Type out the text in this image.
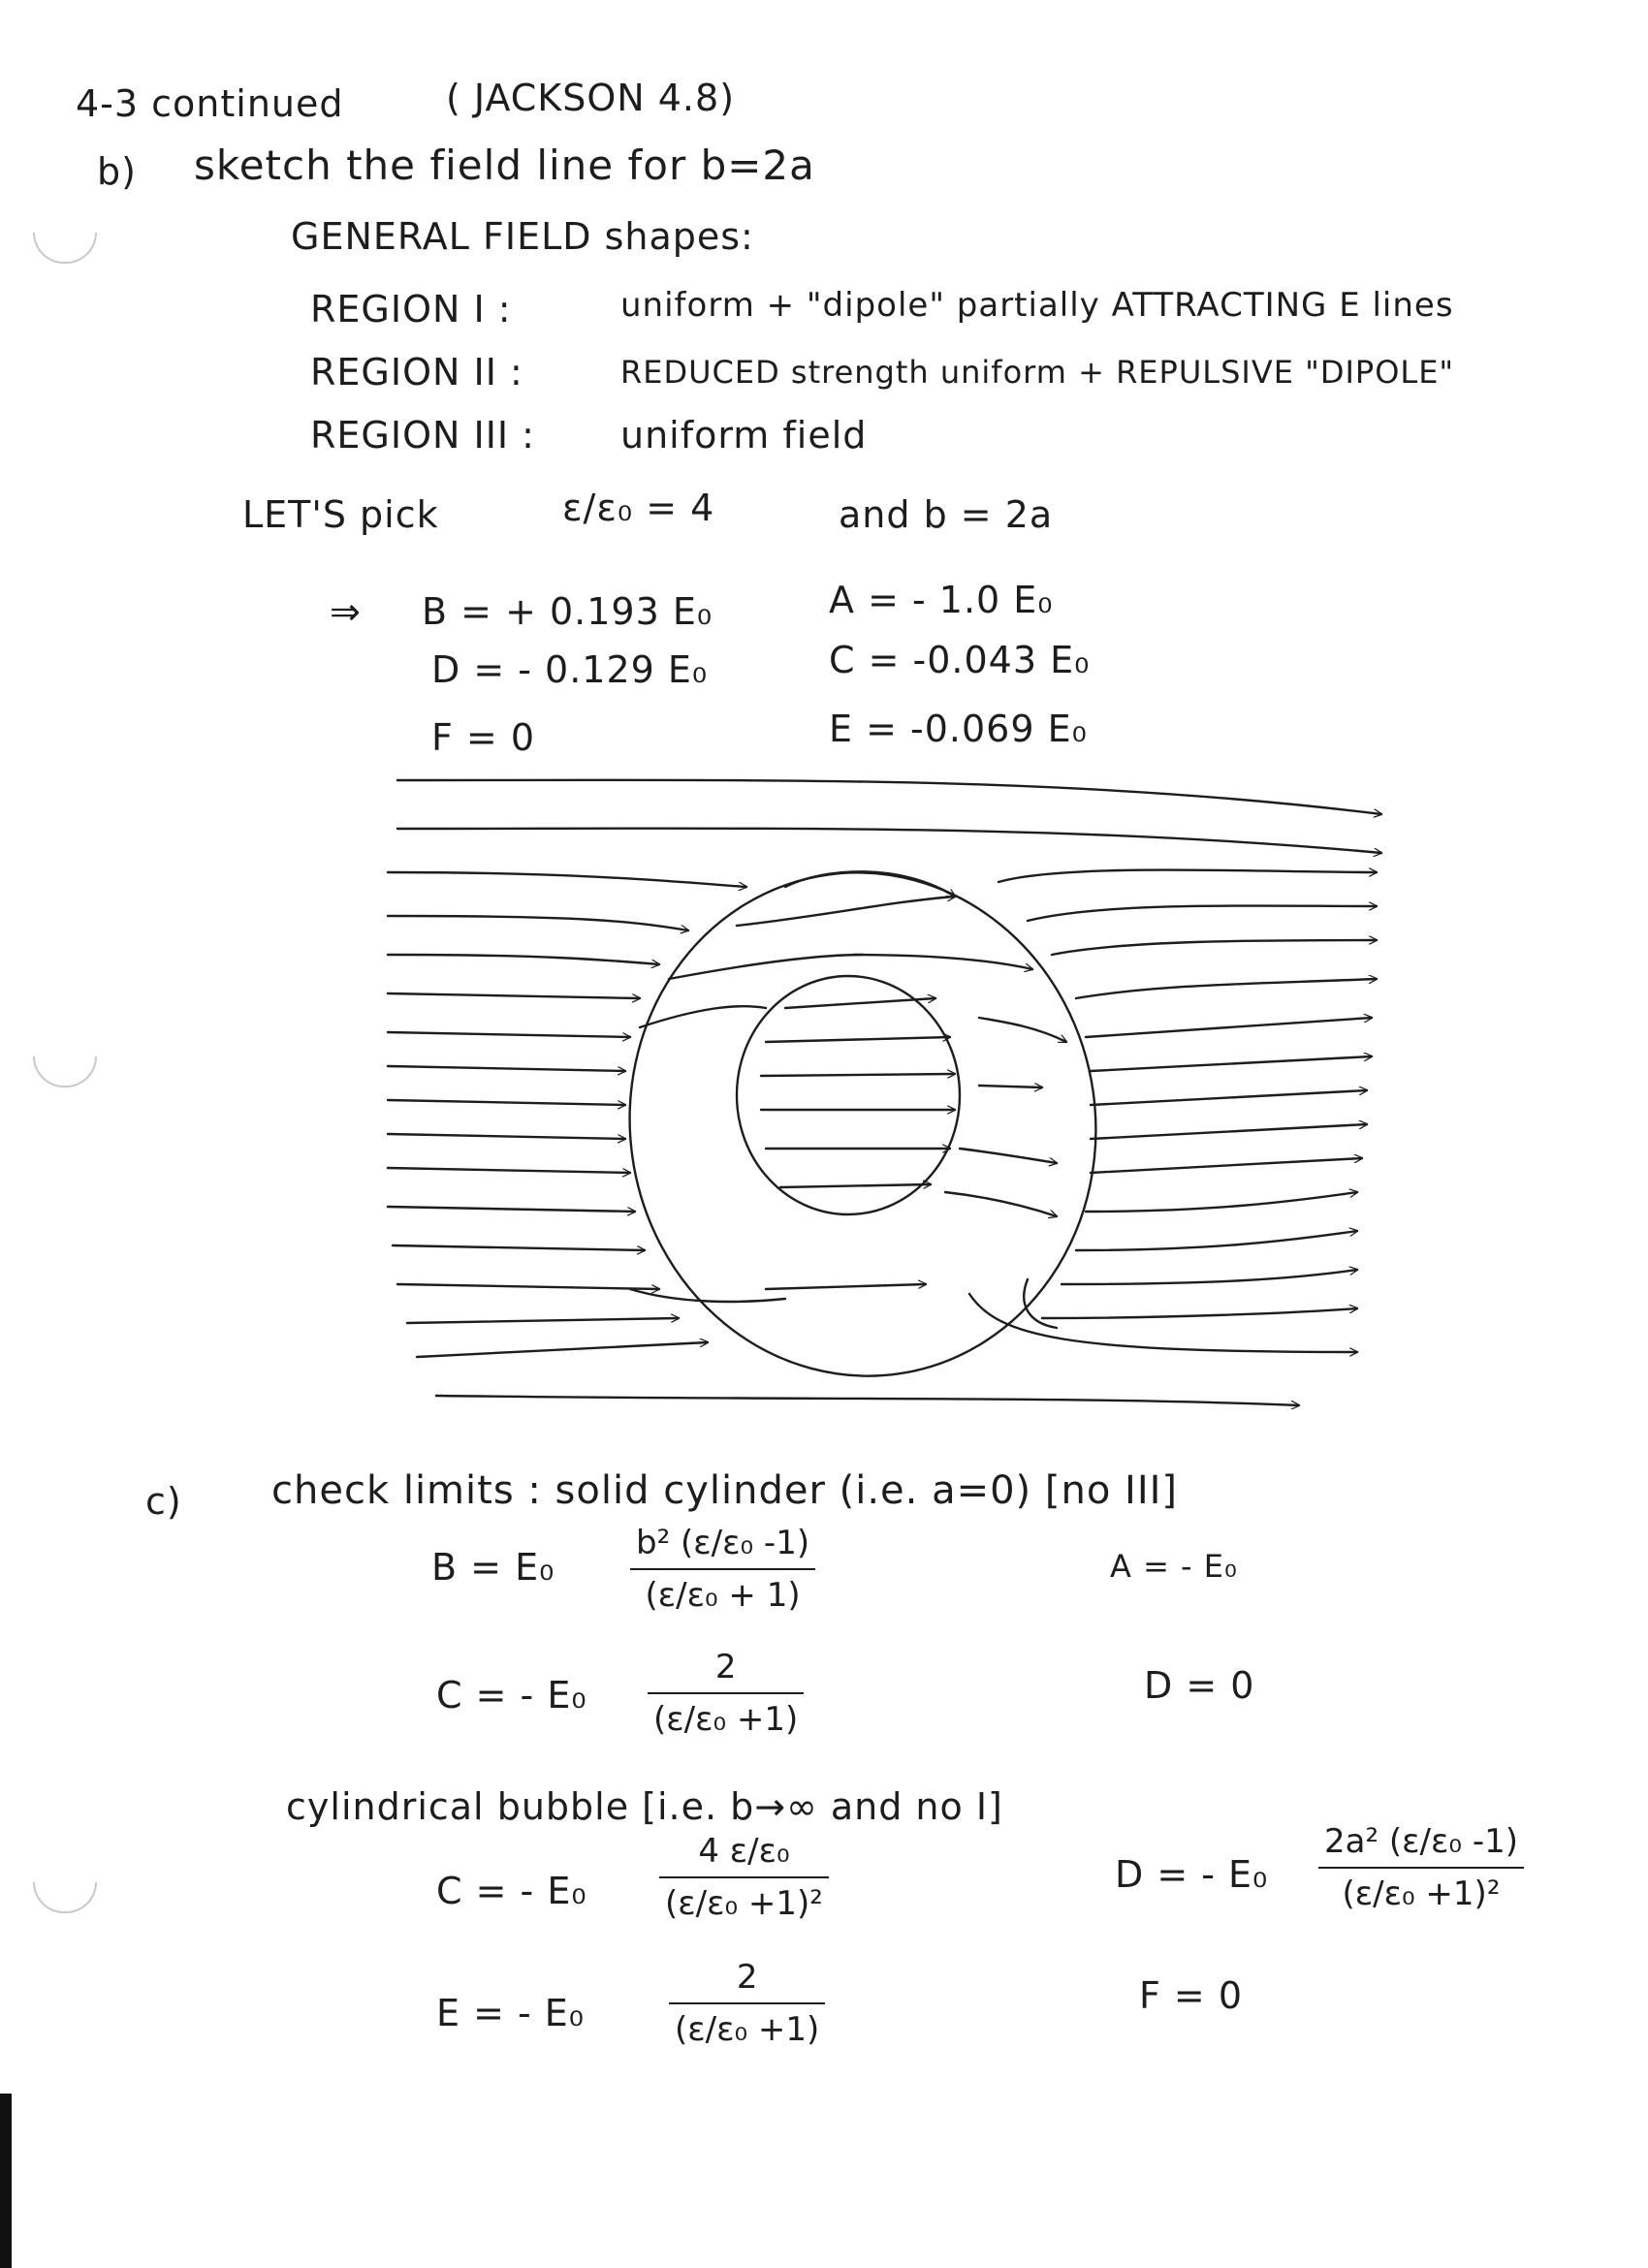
4-3 continued	( JACKSON 4.8)
b) sketch the field line for b=2a
GENERAL FIELD shapes:
REGION I :	uniform + "dipole" partially ATTRACTING E lines
REGION II :	REDUCED strength uniform + REPULSIVE "DIPOLE"
REGION III : uniform field
LET'S pick	ε/ε₀ = 4	and b = 2a
⇒ B = + 0.193 E₀	A = - 1.0 E₀
D = - 0.129 E₀	C = -0.043 E₀
F = 0	E = -0.069 E₀
c) check limits : solid cylinder (i.e. a=0) [no III]
B = E₀
b² (ε/ε₀ -1)
(ε/ε₀ + 1)
A = - E₀
C = - E₀
2
(ε/ε₀ +1)
D = 0
cylindrical bubble [i.e. b→∞ and no I]
C = - E₀
4 ε/ε₀
(ε/ε₀ +1)²
D = - E₀
2a² (ε/ε₀ -1)
(ε/ε₀ +1)²
E = - E₀
2
(ε/ε₀ +1)
F = 0
